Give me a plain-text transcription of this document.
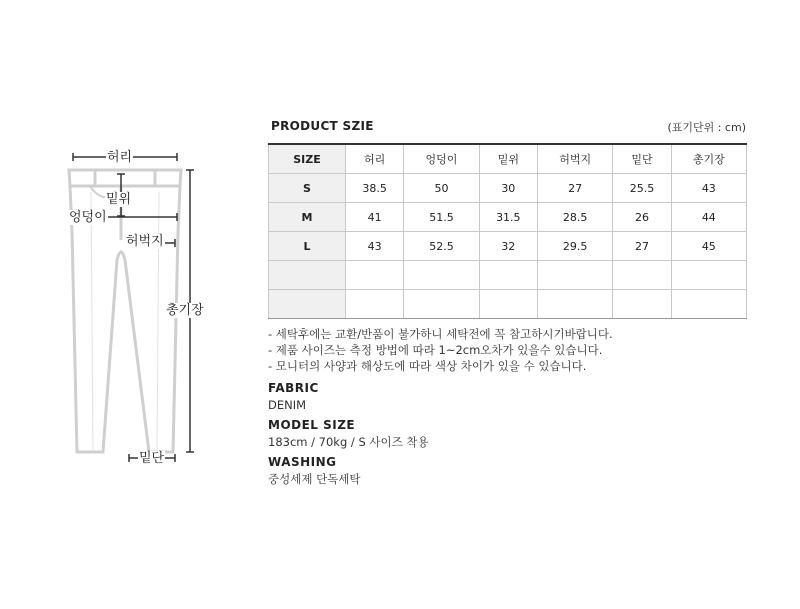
허리
밑위
엉덩이
허벅지
총기장
밑단
PRODUCT SZIE	(표기단위 : cm)
SIZE	허리	엉덩이	밑위	허벅지	밑단	총기장
S	38.5	50	30	27	25.5	43
M	41	51.5	31.5	28.5	26	44
L	43	52.5	32	29.5	27	45

- 세탁후에는 교환/반품이 불가하니 세탁전에 꼭 참고하시기바랍니다.
- 제품 사이즈는 측정 방법에 따라 1~2cm오차가 있을수 있습니다.
- 모니터의 사양과 해상도에 따라 색상 차이가 있을 수 있습니다.
FABRIC
DENIM
MODEL SIZE
183cm / 70kg / S 사이즈 착용
WASHING
중성세제 단독세탁
